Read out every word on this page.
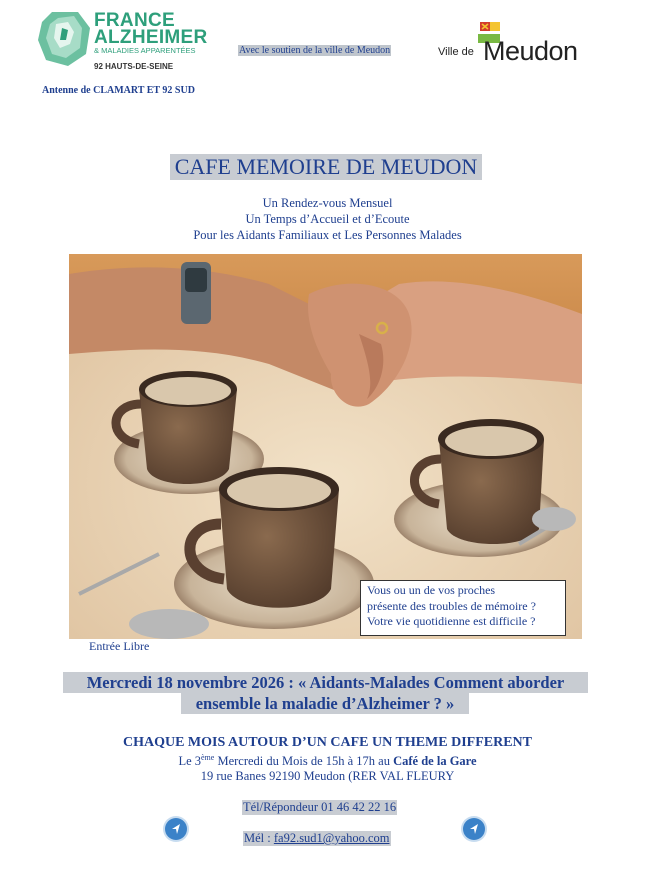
FRANCE
ALZHEIMER
& MALADIES APPARENTÉES
92 HAUTS-DE-SEINE
Antenne de CLAMART ET 92 SUD
Avec le soutien de la ville de Meudon	Ville de Meudon
CAFE MEMOIRE DE MEUDON
Un Rendez-vous Mensuel
Un Temps d’Accueil et d’Ecoute
Pour les Aidants Familiaux et Les Personnes Malades
Vous ou un de vos proches
présente des troubles de mémoire ?
Votre vie quotidienne est difficile ?
Entrée Libre
Mercredi 18 novembre 2026 : « Aidants-Malades Comment aborder
ensemble la maladie d’Alzheimer ? »
CHAQUE MOIS AUTOUR D’UN CAFE UN THEME DIFFERENT
Le 3ème Mercredi du Mois de 15h à 17h au Café de la Gare
19 rue Banes 92190 Meudon (RER VAL FLEURY
Tél/Répondeur 01 46 42 22 16
Mél : fa92.sud1@yahoo.com
